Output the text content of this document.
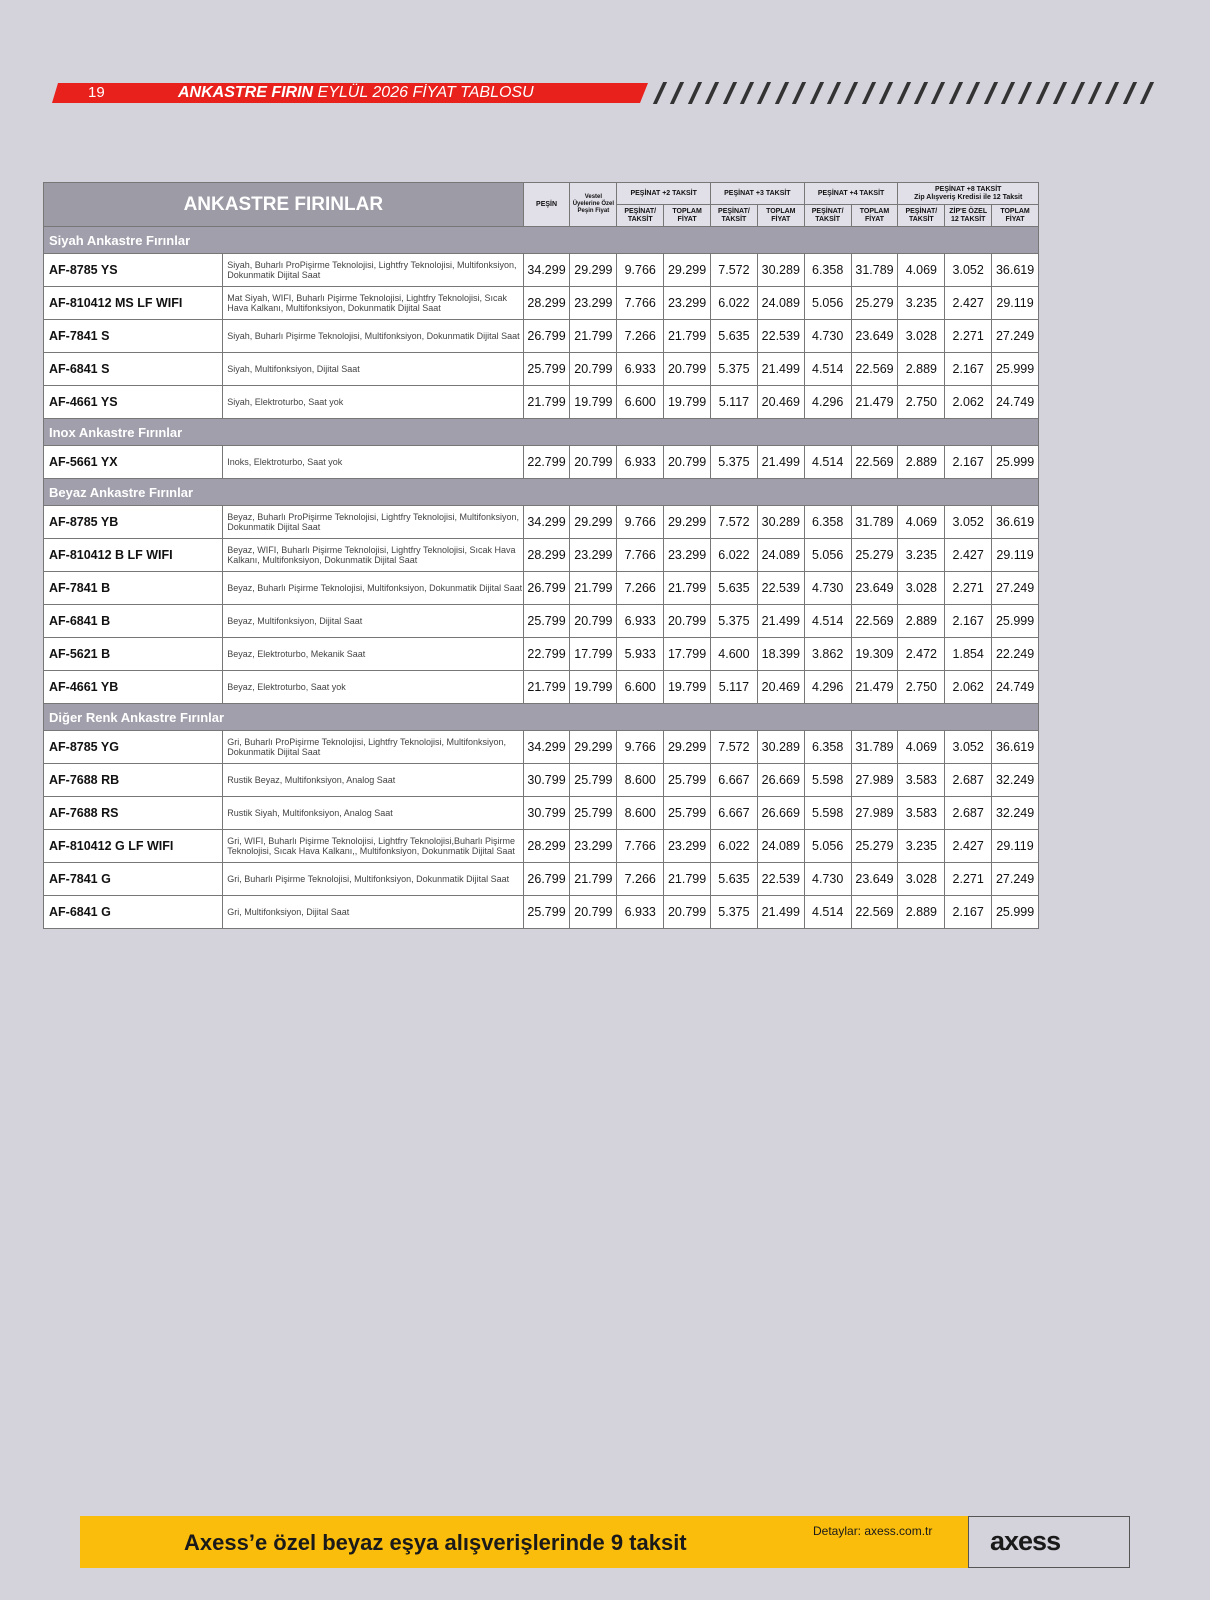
19	ANKASTRE FIRIN EYLÜL 2026 FİYAT TABLOSU
ANKASTRE FIRINLAR		PEŞİN	Vestel Üyelerine Özel Peşin Fiyat	PEŞİNAT +2 TAKSİT		PEŞİNAT +3 TAKSİT		PEŞİNAT +4 TAKSİT		PEŞİNAT +8 TAKSİT
Zip Alışveriş Kredisi ile 12 Taksit		

				PEŞİNAT/ TAKSİT	TOPLAM FİYAT	PEŞİNAT/ TAKSİT	TOPLAM FİYAT	PEŞİNAT/ TAKSİT	TOPLAM FİYAT	PEŞİNAT/ TAKSİT	ZİP'E ÖZEL 12 TAKSİT	TOPLAM FİYAT
Siyah Ankastre Fırınlar												
AF-8785 YS	Siyah, Buharlı ProPişirme Teknolojisi, Lightfry Teknolojisi, Multifonksiyon, Dokunmatik Dijital Saat	34.299	29.299	9.766	29.299	7.572	30.289	6.358	31.789	4.069	3.052	36.619
AF-810412 MS LF WIFI	Mat Siyah, WIFI, Buharlı Pişirme Teknolojisi, Lightfry Teknolojisi, Sıcak Hava Kalkanı, Multifonksiyon, Dokunmatik Dijital Saat	28.299	23.299	7.766	23.299	6.022	24.089	5.056	25.279	3.235	2.427	29.119
AF-7841 S	Siyah, Buharlı Pişirme Teknolojisi, Multifonksiyon, Dokunmatik Dijital Saat	26.799	21.799	7.266	21.799	5.635	22.539	4.730	23.649	3.028	2.271	27.249
AF-6841 S	Siyah, Multifonksiyon, Dijital Saat	25.799	20.799	6.933	20.799	5.375	21.499	4.514	22.569	2.889	2.167	25.999
AF-4661 YS	Siyah, Elektroturbo, Saat yok	21.799	19.799	6.600	19.799	5.117	20.469	4.296	21.479	2.750	2.062	24.749
Inox Ankastre Fırınlar												
AF-5661 YX	Inoks, Elektroturbo, Saat yok	22.799	20.799	6.933	20.799	5.375	21.499	4.514	22.569	2.889	2.167	25.999
Beyaz Ankastre Fırınlar												
AF-8785 YB	Beyaz, Buharlı ProPişirme Teknolojisi, Lightfry Teknolojisi, Multifonksiyon, Dokunmatik Dijital Saat	34.299	29.299	9.766	29.299	7.572	30.289	6.358	31.789	4.069	3.052	36.619
AF-810412 B LF WIFI	Beyaz, WIFI, Buharlı Pişirme Teknolojisi, Lightfry Teknolojisi, Sıcak Hava Kalkanı, Multifonksiyon, Dokunmatik Dijital Saat	28.299	23.299	7.766	23.299	6.022	24.089	5.056	25.279	3.235	2.427	29.119
AF-7841 B	Beyaz, Buharlı Pişirme Teknolojisi, Multifonksiyon, Dokunmatik Dijital Saat	26.799	21.799	7.266	21.799	5.635	22.539	4.730	23.649	3.028	2.271	27.249
AF-6841 B	Beyaz, Multifonksiyon, Dijital Saat	25.799	20.799	6.933	20.799	5.375	21.499	4.514	22.569	2.889	2.167	25.999
AF-5621 B	Beyaz, Elektroturbo, Mekanik Saat	22.799	17.799	5.933	17.799	4.600	18.399	3.862	19.309	2.472	1.854	22.249
AF-4661 YB	Beyaz, Elektroturbo, Saat yok	21.799	19.799	6.600	19.799	5.117	20.469	4.296	21.479	2.750	2.062	24.749
Diğer Renk Ankastre Fırınlar												
AF-8785 YG	Gri, Buharlı ProPişirme Teknolojisi, Lightfry Teknolojisi, Multifonksiyon, Dokunmatik Dijital Saat	34.299	29.299	9.766	29.299	7.572	30.289	6.358	31.789	4.069	3.052	36.619
AF-7688 RB	Rustik Beyaz, Multifonksiyon, Analog Saat	30.799	25.799	8.600	25.799	6.667	26.669	5.598	27.989	3.583	2.687	32.249
AF-7688 RS	Rustik Siyah, Multifonksiyon, Analog Saat	30.799	25.799	8.600	25.799	6.667	26.669	5.598	27.989	3.583	2.687	32.249
AF-810412 G LF WIFI	Gri, WIFI, Buharlı Pişirme Teknolojisi, Lightfry Teknolojisi,Buharlı Pişirme Teknolojisi, Sıcak Hava Kalkanı,, Multifonksiyon, Dokunmatik Dijital Saat	28.299	23.299	7.766	23.299	6.022	24.089	5.056	25.279	3.235	2.427	29.119
AF-7841 G	Gri, Buharlı Pişirme Teknolojisi, Multifonksiyon, Dokunmatik Dijital Saat	26.799	21.799	7.266	21.799	5.635	22.539	4.730	23.649	3.028	2.271	27.249
AF-6841 G	Gri, Multifonksiyon, Dijital Saat	25.799	20.799	6.933	20.799	5.375	21.499	4.514	22.569	2.889	2.167	25.999
Axess’e özel beyaz eşya alışverişlerinde 9 taksit	Detaylar: axess.com.tr axess
